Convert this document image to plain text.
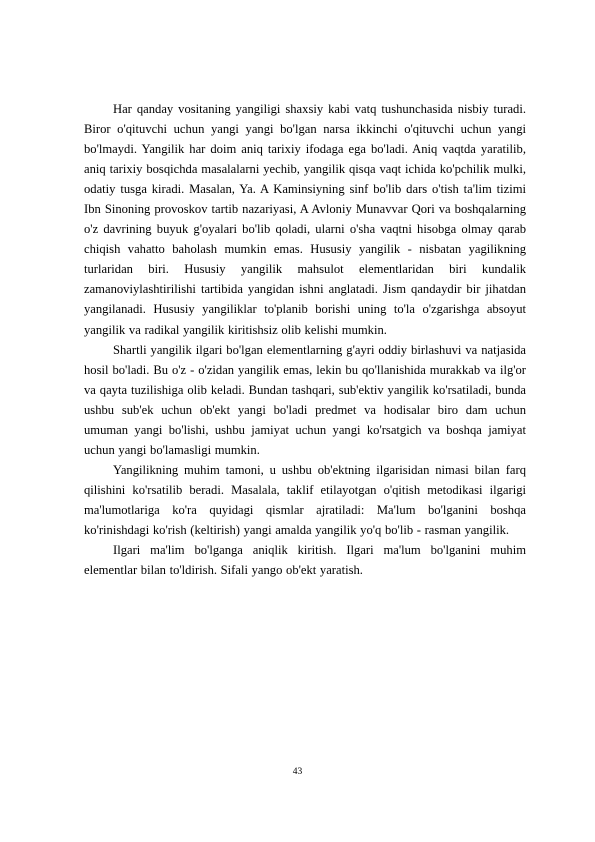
Har qanday vositaning yangiligi shaxsiy kabi vatq tushunchasida nisbiy turadi. Biror o'qituvchi uchun yangi yangi bo'lgan narsa ikkinchi o'qituvchi uchun yangi bo'lmaydi. Yangilik har doim aniq tarixiy ifodaga ega bo'ladi. Aniq vaqtda yaratilib, aniq tarixiy bosqichda masalalarni yechib, yangilik qisqa vaqt ichida ko'pchilik mulki, odatiy tusga kiradi. Masalan, Ya. A Kaminsiyning sinf bo'lib dars o'tish ta'lim tizimi Ibn Sinoning provoskov tartib nazariyasi, A Avloniy Munavvar Qori va boshqalarning o'z davrining buyuk g'oyalari bo'lib qoladi, ularni o'sha vaqtni hisobga olmay qarab chiqish vahatto baholash mumkin emas. Hususiy yangilik - nisbatan yagilikning turlaridan biri. Hususiy yangilik mahsulot elementlaridan biri kundalik zamanoviylashtirilishi tartibida yangidan ishni anglatadi. Jism qandaydir bir jihatdan yangilanadi. Hususiy yangiliklar to'planib borishi uning to'la o'zgarishga absoyut yangilik va radikal yangilik kiritishsiz olib kelishi mumkin.

Shartli yangilik ilgari bo'lgan elementlarning g'ayri oddiy birlashuvi va natjasida hosil bo'ladi. Bu o'z - o'zidan yangilik emas, lekin bu qo'llanishida murakkab va ilg'or va qayta tuzilishiga olib keladi. Bundan tashqari, sub'ektiv yangilik ko'rsatiladi, bunda ushbu sub'ek uchun ob'ekt yangi bo'ladi predmet va hodisalar biro dam uchun umuman yangi bo'lishi, ushbu jamiyat uchun yangi ko'rsatgich va boshqa jamiyat uchun yangi bo'lamasligi mumkin.

Yangilikning muhim tamoni, u ushbu ob'ektning ilgarisidan nimasi bilan farq qilishini ko'rsatilib beradi. Masalala, taklif etilayotgan o'qitish metodikasi ilgarigi ma'lumotlariga ko'ra quyidagi qismlar ajratiladi: Ma'lum bo'lganini boshqa ko'rinishdagi ko'rish (keltirish) yangi amalda yangilik yo'q bo'lib - rasman yangilik.

Ilgari ma'lim bo'lganga aniqlik kiritish. Ilgari ma'lum bo'lganini muhim elementlar bilan to'ldirish. Sifali yango ob'ekt yaratish.

43
